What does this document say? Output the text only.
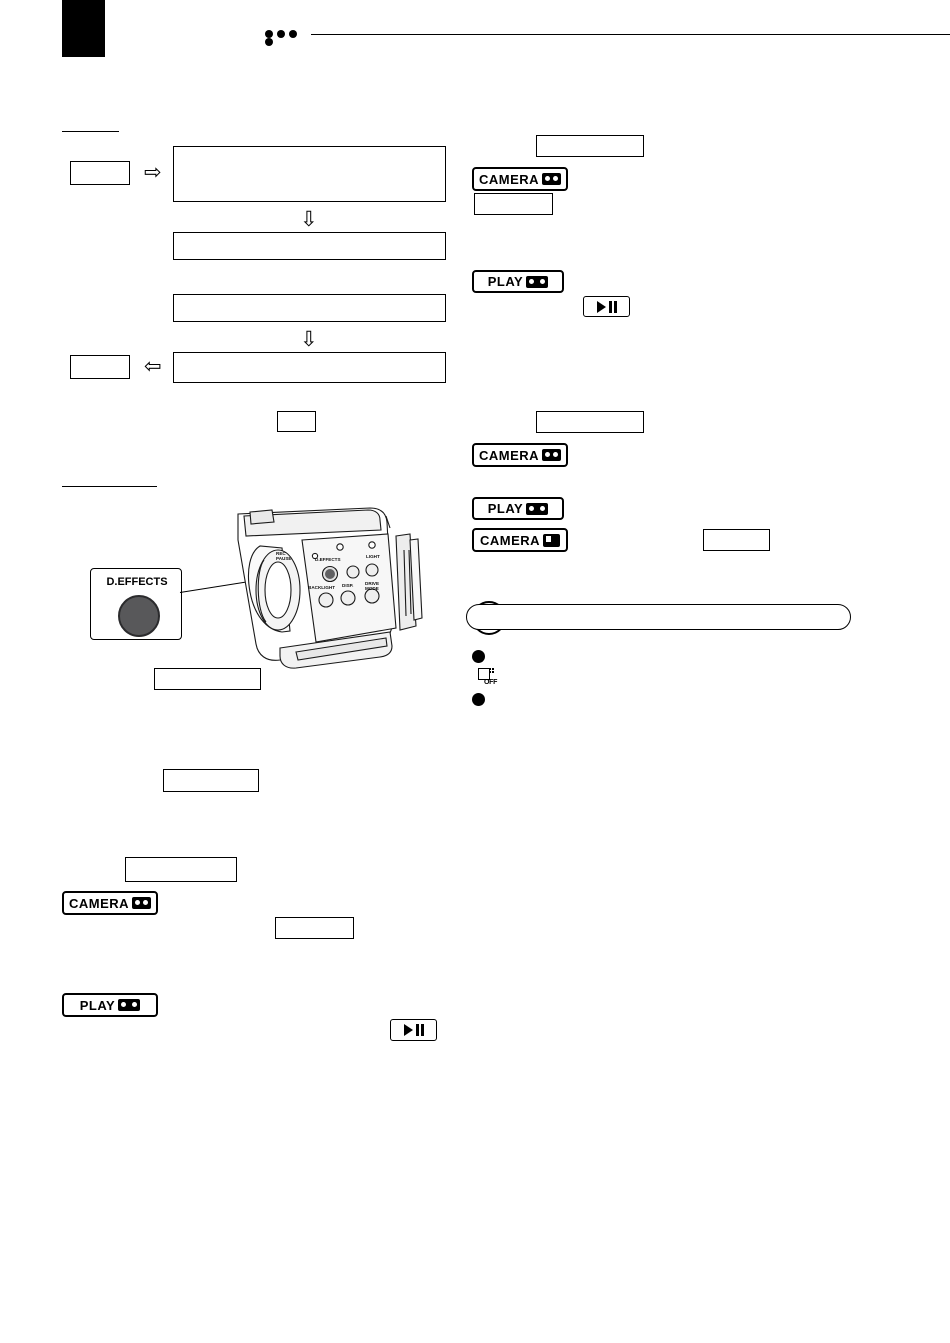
⇨
⇩
⇩
⇦
D.EFFECTS
REC
PAUSE	D.EFFECTS
LIGHT
BACKLIGHT DISP.	DRIVE
MODE
CAMERA
PLAY
CAMERA
PLAY
CAMERA
PLAY
CAMERA
OFF
